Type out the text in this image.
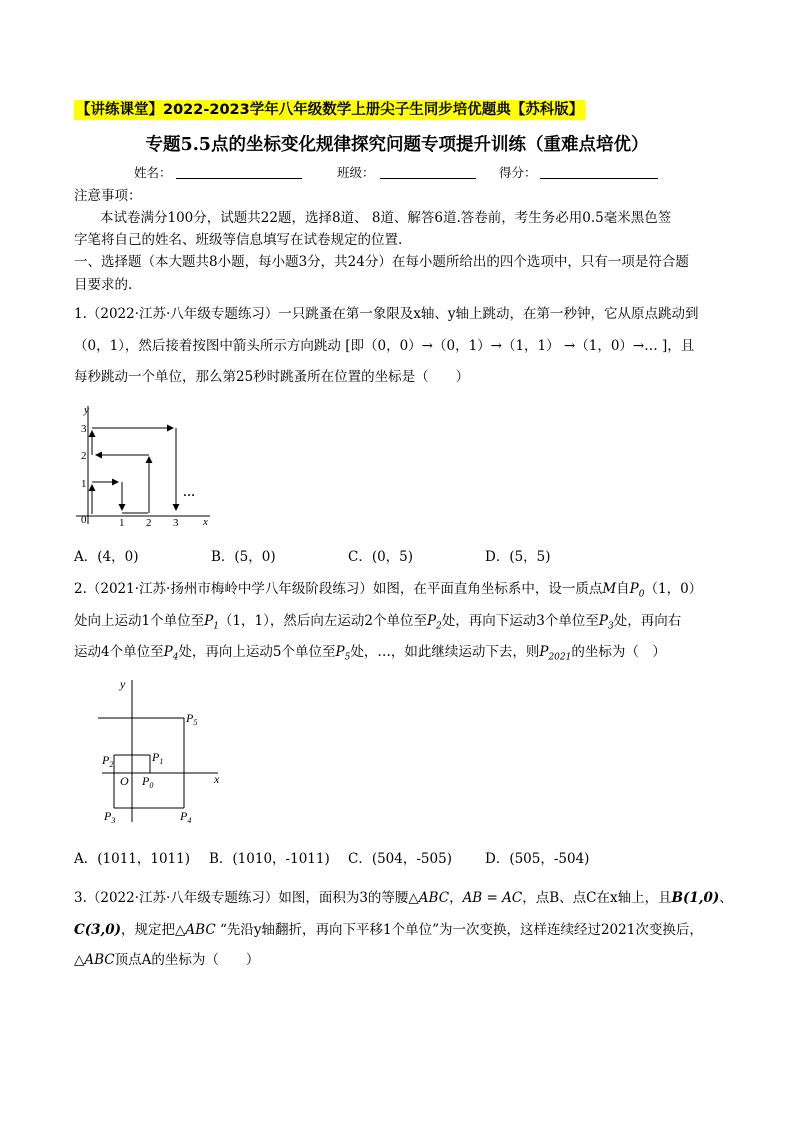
【讲练课堂】2022-2023学年八年级数学上册尖子生同步培优题典【苏科版】
专题5.5点的坐标变化规律探究问题专项提升训练（重难点培优）
姓名：	班级：	得分：
注意事项：
本试卷满分100分，试题共22题，选择8道、 8道、解答6道.答卷前，考生务必用0.5毫米黑色签
字笔将自己的姓名、班级等信息填写在试卷规定的位置.
一、选择题（本大题共8小题，每小题3分，共24分）在每小题所给出的四个选项中，只有一项是符合题
目要求的.
1.（2022·江苏·八年级专题练习）一只跳蚤在第一象限及x轴、y轴上跳动，在第一秒钟，它从原点跳动到
（0，1），然后接着按图中箭头所示方向跳动 [即（0，0）→（0，1）→（1，1） →（1，0）→… ]，且
每秒跳动一个单位，那么第25秒时跳蚤所在位置的坐标是（　　）
y
x
0	1 2 3
1
2
3
…
A．(4，0)	B．(5，0)	C．(0，5)	D．(5，5)
2.（2021·江苏·扬州市梅岭中学八年级阶段练习）如图，在平面直角坐标系中，设一质点M自$P_0(1$，0）
处向上运动1个单位至$P_1(1$，1），然后向左运动2个单位至$P_2$处，再向下运动3个单位至$P_3$处，再向右
运动4个单位至$P_4$处，再向上运动5个单位至$P_5$处，…，如此继续运动下去，则$P_{2021}$的坐标为（　）
y
x
O $P_0$
$P_1$
$P_2$
$P_3$	$P_4$
$P_5$
A．(1011，1011) B．(1010，-1011) C．(504，-505) D．(505，-504)
3.（2022·江苏·八年级专题练习）如图，面积为3的等腰△ABC，AB = AC，点B、点C在x轴上，且B(1,0)、
C(3,0)，规定把△ABC “先沿y轴翻折，再向下平移1个单位”为一次变换，这样连续经过2021次变换后，
△ABC顶点A的坐标为（　　）
